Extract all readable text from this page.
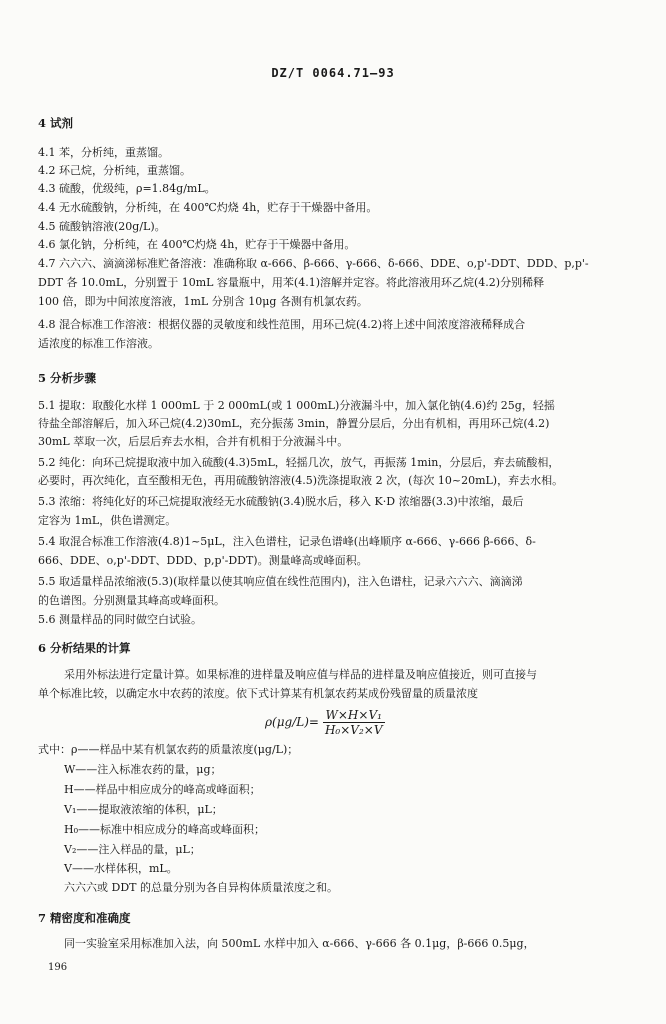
DZ/T 0064.71—93
4 试剂
4.1 苯，分析纯，重蒸馏。
4.2 环己烷，分析纯，重蒸馏。
4.3 硫酸，优级纯，ρ=1.84g/mL。
4.4 无水硫酸钠，分析纯，在 400℃灼烧 4h，贮存于干燥器中备用。
4.5 硫酸钠溶液(20g/L)。
4.6 氯化钠，分析纯，在 400℃灼烧 4h，贮存于干燥器中备用。
4.7 六六六、滴滴涕标准贮备溶液：准确称取 α-666、β-666、γ-666、δ-666、DDE、o,p'-DDT、DDD、p,p'-
DDT 各 10.0mL，分别置于 10mL 容量瓶中，用苯(4.1)溶解并定容。将此溶液用环乙烷(4.2)分别稀释
100 倍，即为中间浓度溶液，1mL 分别含 10μg 各测有机氯农药。
4.8 混合标准工作溶液：根据仪器的灵敏度和线性范围，用环己烷(4.2)将上述中间浓度溶液稀释成合
适浓度的标准工作溶液。
5 分析步骤
5.1 提取：取酸化水样 1 000mL 于 2 000mL(或 1 000mL)分液漏斗中，加入氯化钠(4.6)约 25g，轻摇
待盐全部溶解后，加入环己烷(4.2)30mL，充分振荡 3min，静置分层后，分出有机相，再用环己烷(4.2)
30mL 萃取一次，后层后弃去水相，合并有机相于分液漏斗中。
5.2 纯化：向环己烷提取液中加入硫酸(4.3)5mL，轻摇几次，放气，再振荡 1min，分层后，弃去硫酸相，
必要时，再次纯化，直至酸相无色，再用硫酸钠溶液(4.5)洗涤提取液 2 次，(每次 10~20mL)，弃去水相。
5.3 浓缩：将纯化好的环己烷提取液经无水硫酸钠(3.4)脱水后，移入 K·D 浓缩器(3.3)中浓缩，最后
定容为 1mL，供色谱测定。
5.4 取混合标准工作溶液(4.8)1~5μL，注入色谱柱，记录色谱峰(出峰顺序 α-666、γ-666 β-666、δ-
666、DDE、o,p'-DDT、DDD、p,p'-DDT)。测量峰高或峰面积。
5.5 取适量样品浓缩液(5.3)(取样量以使其响应值在线性范围内)，注入色谱柱，记录六六六、滴滴涕
的色谱图。分别测量其峰高或峰面积。
5.6 测量样品的同时做空白试验。
6 分析结果的计算
采用外标法进行定量计算。如果标准的进样量及响应值与样品的进样量及响应值接近，则可直接与
单个标准比较，以确定水中农药的浓度。依下式计算某有机氯农药某成份残留量的质量浓度
$\rho(\mu g/L)= \frac{\text{W×H×V₁}}{\text{H₀×V₂×V}}$
式中：ρ——样品中某有机氯农药的质量浓度(μg/L)；
W——注入标准农药的量，μg；
H——样品中相应成分的峰高或峰面积；
V₁——提取液浓缩的体积，μL；
H₀——标准中相应成分的峰高或峰面积；
V₂——注入样品的量，μL；
V——水样体积，mL。
六六六或 DDT 的总量分别为各自异构体质量浓度之和。
7 精密度和准确度
同一实验室采用标准加入法，向 500mL 水样中加入 α-666、γ-666 各 0.1μg，β-666 0.5μg，
196
